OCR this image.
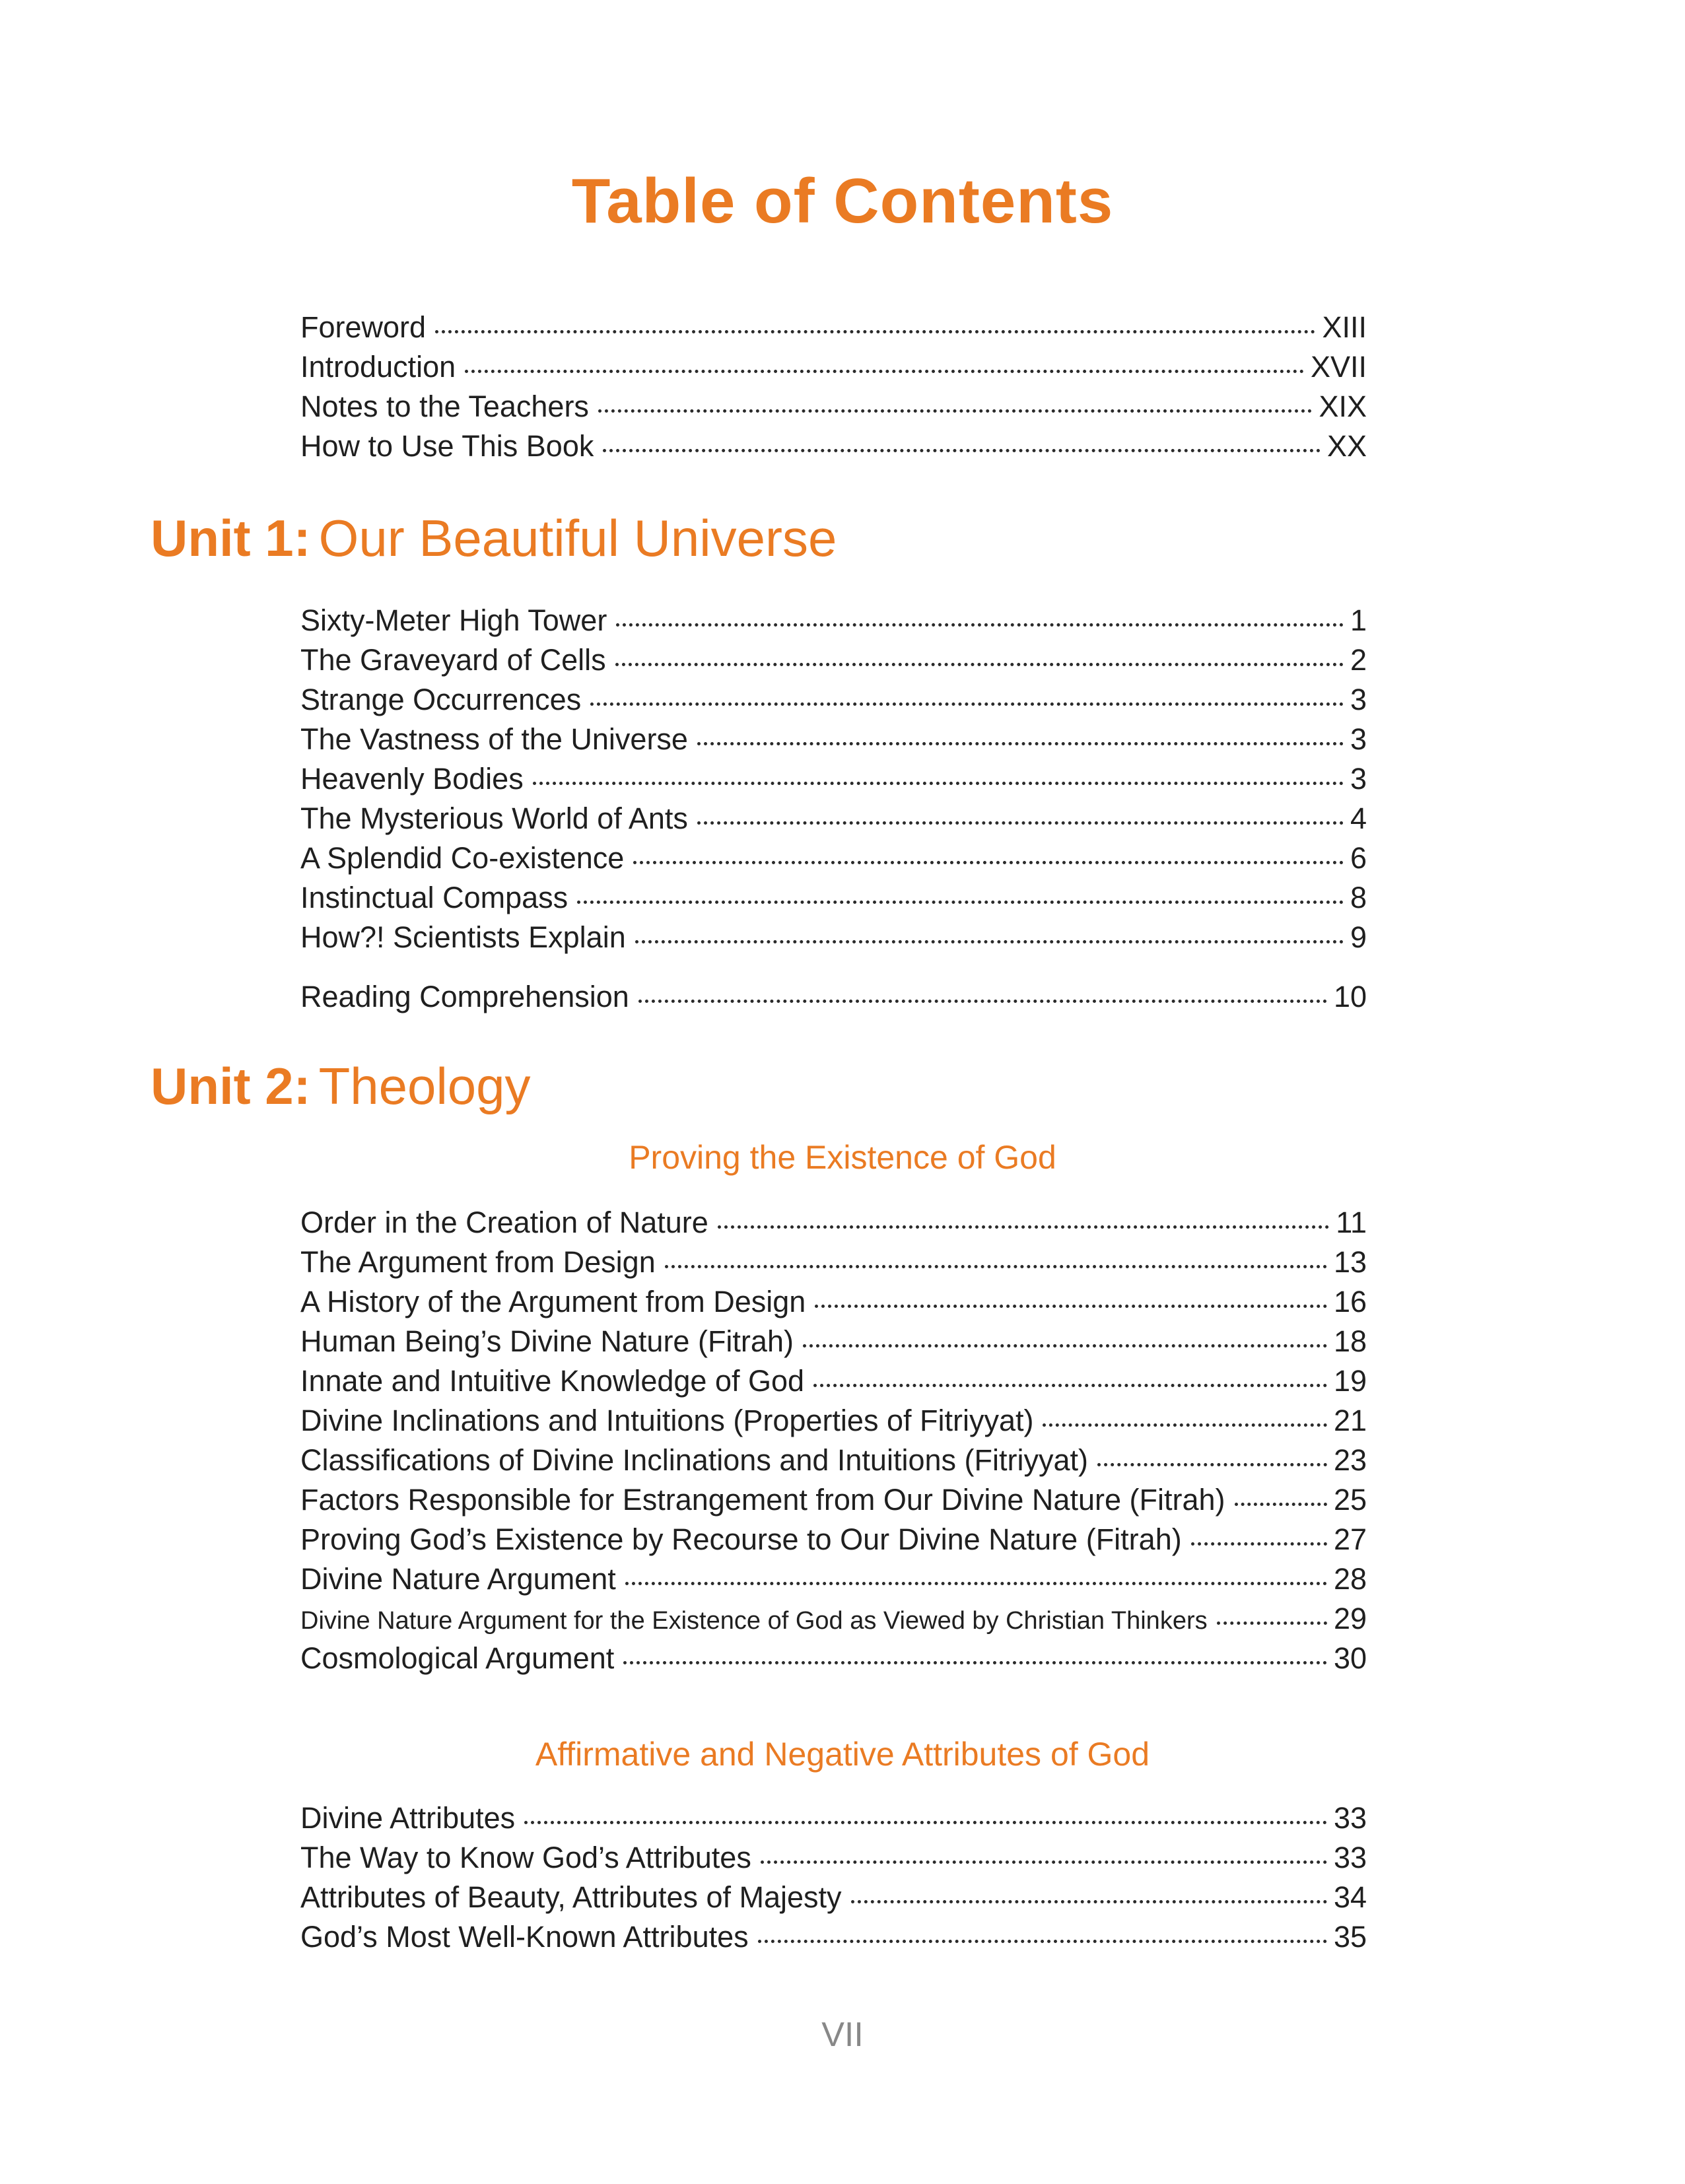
Table of Contents
Foreword	XIII
Introduction	XVII
Notes to the Teachers	XIX
How to Use This Book	XX
Unit 1: Our Beautiful Universe
Sixty-Meter High Tower	1
The Graveyard of Cells	2
Strange Occurrences	3
The Vastness of the Universe	3
Heavenly Bodies	3
The Mysterious World of Ants	4
A Splendid Co-existence	6
Instinctual Compass	8
How?! Scientists Explain	9
Reading Comprehension	10
Unit 2: Theology
Proving the Existence of God
Order in the Creation of Nature	11
The Argument from Design	13
A History of the Argument from Design	16
Human Being’s Divine Nature (Fitrah)	18
Innate and Intuitive Knowledge of God	19
Divine Inclinations and Intuitions (Properties of Fitriyyat)	21
Classifications of Divine Inclinations and Intuitions (Fitriyyat)	23
Factors Responsible for Estrangement from Our Divine Nature (Fitrah)	25
Proving God’s Existence by Recourse to Our Divine Nature (Fitrah)	27
Divine Nature Argument	28
Divine Nature Argument for the Existence of God as Viewed by Christian Thinkers	29
Cosmological Argument	30
Affirmative and Negative Attributes of God
Divine Attributes	33
The Way to Know God’s Attributes	33
Attributes of Beauty, Attributes of Majesty	34
God’s Most Well-Known Attributes	35
VII
